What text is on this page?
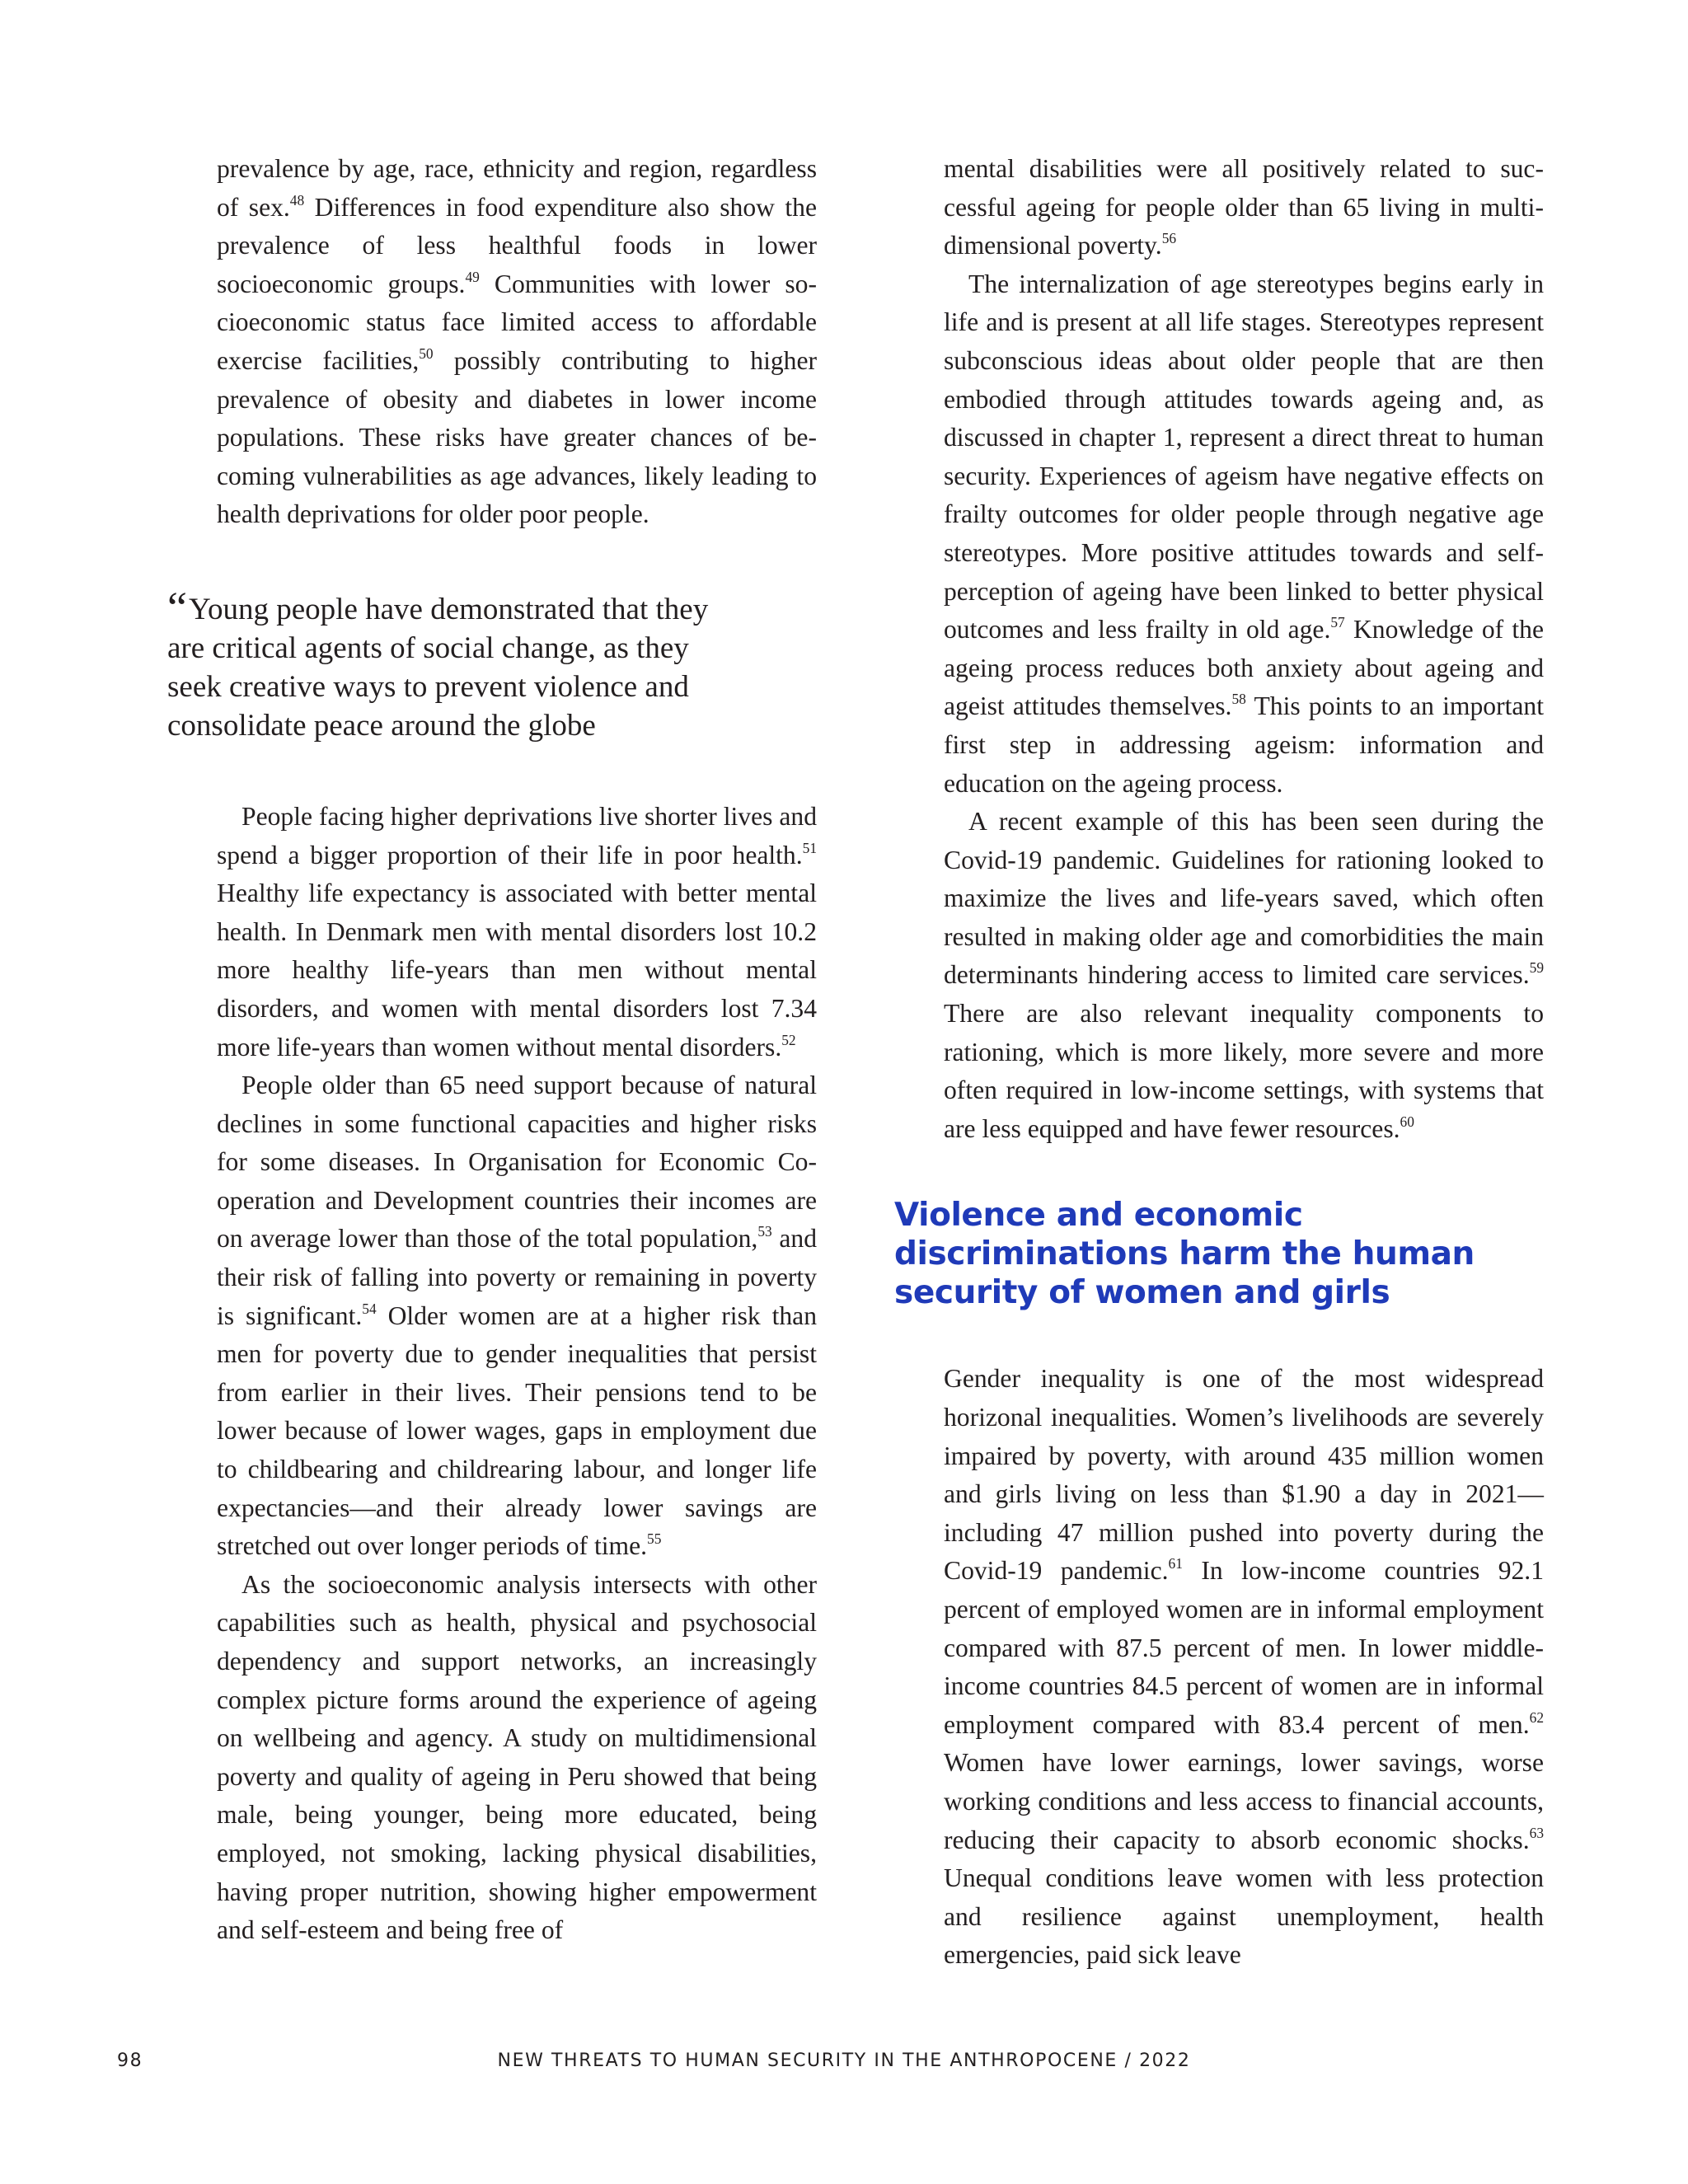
prevalence by age, race, ethnicity and region, regardless of sex.$^{48}$ Differences in food expenditure also show the prevalence of less healthful foods in lower socioeconomic groups.$^{49}$ Communities with lower socioeconomic status face limited access to affordable exercise facilities,$^{50}$ possibly contributing to higher prevalence of obesity and diabetes in lower income populations. These risks have greater chances of becoming vulnerabilities as age advances, likely leading to health deprivations for older poor people.

“Young people have demonstrated that they are critical agents of social change, as they seek creative ways to prevent violence and consolidate peace around the globe

People facing higher deprivations live shorter lives and spend a bigger proportion of their life in poor health.$^{51}$ Healthy life expectancy is associated with better mental health. In Denmark men with mental disorders lost 10.2 more healthy life-years than men without mental disorders, and women with mental disorders lost 7.34 more life-years than women without mental disorders.$^{52}$

People older than 65 need support because of natural declines in some functional capacities and higher risks for some diseases. In Organisation for Economic Co-operation and Development countries their incomes are on average lower than those of the total population,$^{53}$ and their risk of falling into poverty or remaining in poverty is significant.$^{54}$ Older women are at a higher risk than men for poverty due to gender inequalities that persist from earlier in their lives. Their pensions tend to be lower because of lower wages, gaps in employment due to childbearing and childrearing labour, and longer life expectancies—and their already lower savings are stretched out over longer periods of time.$^{55}$

As the socioeconomic analysis intersects with other capabilities such as health, physical and psychosocial dependency and support networks, an increasingly complex picture forms around the experience of ageing on wellbeing and agency. A study on multidimensional poverty and quality of ageing in Peru showed that being male, being younger, being more educated, being employed, not smoking, lacking physical disabilities, having proper nutrition, showing higher empowerment and self-esteem and being free of

mental disabilities were all positively related to successful ageing for people older than 65 living in multidimensional poverty.$^{56}$

The internalization of age stereotypes begins early in life and is present at all life stages. Stereotypes represent subconscious ideas about older people that are then embodied through attitudes towards ageing and, as discussed in chapter 1, represent a direct threat to human security. Experiences of ageism have negative effects on frailty outcomes for older people through negative age stereotypes. More positive attitudes towards and self-perception of ageing have been linked to better physical outcomes and less frailty in old age.$^{57}$ Knowledge of the ageing process reduces both anxiety about ageing and ageist attitudes themselves.$^{58}$ This points to an important first step in addressing ageism: information and education on the ageing process.

A recent example of this has been seen during the Covid-19 pandemic. Guidelines for rationing looked to maximize the lives and life-years saved, which often resulted in making older age and comorbidities the main determinants hindering access to limited care services.$^{59}$ There are also relevant inequality components to rationing, which is more likely, more severe and more often required in low-income settings, with systems that are less equipped and have fewer resources.$^{60}$

Violence and economic discriminations harm the human security of women and girls

Gender inequality is one of the most widespread horizonal inequalities. Women’s livelihoods are severely impaired by poverty, with around 435 million women and girls living on less than $1.90 a day in 2021—including 47 million pushed into poverty during the Covid-19 pandemic.$^{61}$ In low-income countries 92.1 percent of employed women are in informal employment compared with 87.5 percent of men. In lower middle-income countries 84.5 percent of women are in informal employment compared with 83.4 percent of men.$^{62}$ Women have lower earnings, lower savings, worse working conditions and less access to financial accounts, reducing their capacity to absorb economic shocks.$^{63}$ Unequal conditions leave women with less protection and resilience against unemployment, health emergencies, paid sick leave

98	NEW THREATS TO HUMAN SECURITY IN THE ANTHROPOCENE / 2022
